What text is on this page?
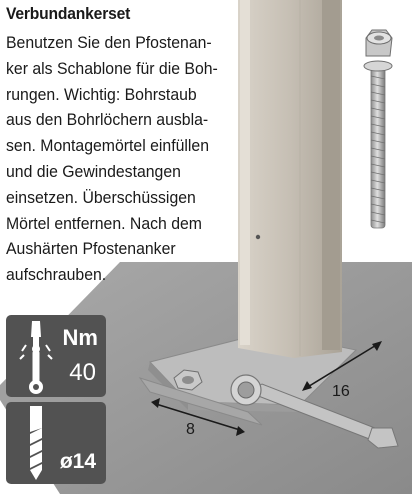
Verbundankerset
Benutzen Sie den Pfostenan-
ker als Schablone für die Boh-
rungen. Wichtig: Bohrstaub
aus den Bohrlöchern ausbla-
sen. Montagemörtel einfüllen
und die Gewindestangen
einsetzen. Überschüssigen
Mörtel entfernen. Nach dem
Aushärten Pfostenanker
aufschrauben.
Nm
40
ø14
16
8
